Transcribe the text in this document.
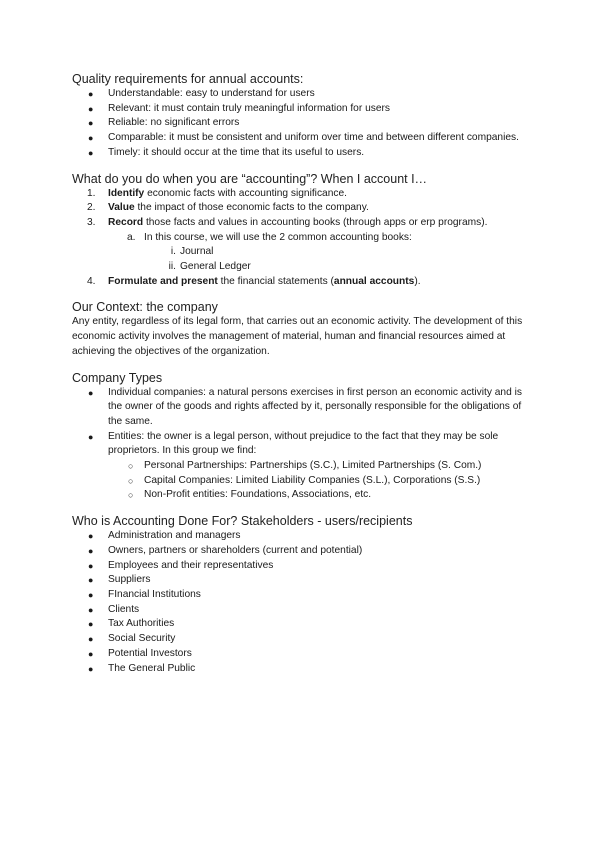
Quality requirements for annual accounts:
● Understandable: easy to understand for users
● Relevant: it must contain truly meaningful information for users
● Reliable: no significant errors
● Comparable: it must be consistent and uniform over time and between different companies.
● Timely: it should occur at the time that its useful to users.
What do you do when you are “accounting”? When I account I…
1. Identify economic facts with accounting significance.
2. Value the impact of those economic facts to the company.
3. Record those facts and values in accounting books (through apps or erp programs).
a. In this course, we will use the 2 common accounting books:
i. Journal
ii. General Ledger
4. Formulate and present the financial statements (annual accounts).
Our Context: the company

Any entity, regardless of its legal form, that carries out an economic activity. The development of this economic activity involves the management of material, human and financial resources aimed at achieving the objectives of the organization.

Company Types
● Individual companies: a natural persons exercises in first person an economic activity and is the owner of the goods and rights affected by it, personally responsible for the obligations of the same.
● Entities: the owner is a legal person, without prejudice to the fact that they may be sole proprietors. In this group we find:
○ Personal Partnerships: Partnerships (S.C.), Limited Partnerships (S. Com.)
○ Capital Companies: Limited Liability Companies (S.L.), Corporations (S.S.)
○ Non-Profit entities: Foundations, Associations, etc.
Who is Accounting Done For? Stakeholders - users/recipients
● Administration and managers
● Owners, partners or shareholders (current and potential)
● Employees and their representatives
● Suppliers
● FInancial Institutions
● Clients
● Tax Authorities
● Social Security
● Potential Investors
● The General Public
